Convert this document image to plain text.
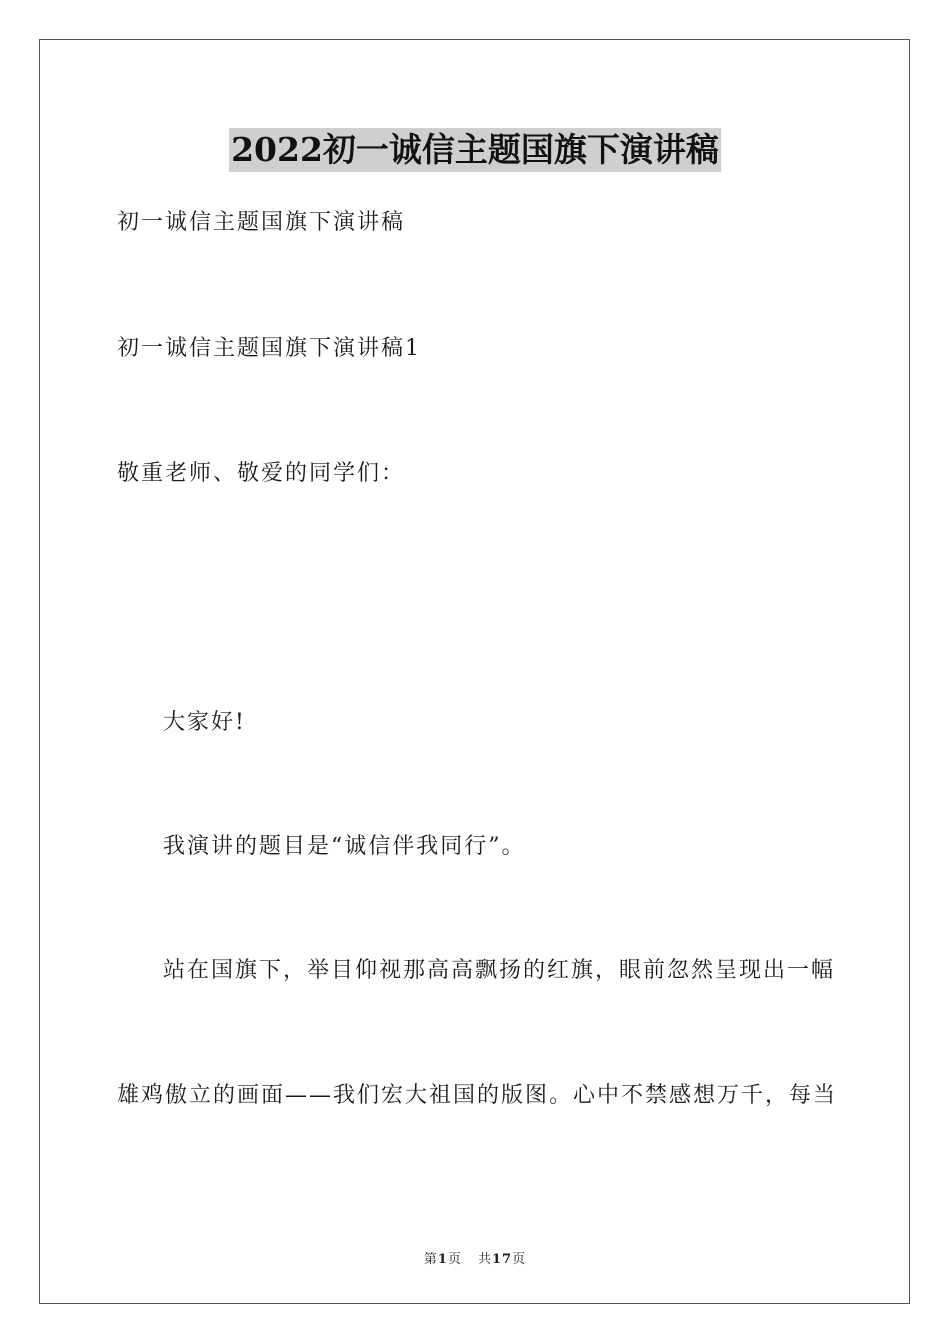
2022初一诚信主题国旗下演讲稿
初一诚信主题国旗下演讲稿
初一诚信主题国旗下演讲稿1
敬重老师、敬爱的同学们：
大家好!
我演讲的题目是“诚信伴我同行”。
站在国旗下，举目仰视那高高飘扬的红旗，眼前忽然呈现出一幅
雄鸡傲立的画面——我们宏大祖国的版图。心中不禁感想万千，每当
第1页 共17页
